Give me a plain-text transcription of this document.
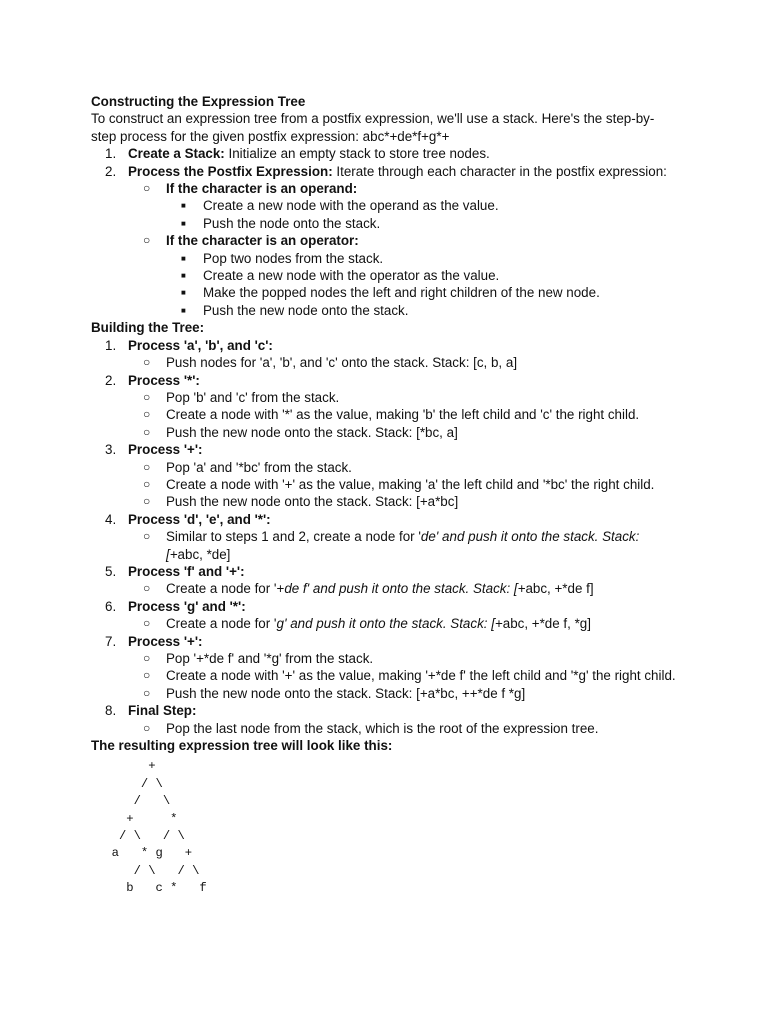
Constructing the Expression Tree
To construct an expression tree from a postfix expression, we'll use a stack. Here's the step-by-step process for the given postfix expression: abc*+de*f+g*+
1. Create a Stack: Initialize an empty stack to store tree nodes.
2. Process the Postfix Expression: Iterate through each character in the postfix expression:
○ If the character is an operand:
■ Create a new node with the operand as the value.
■ Push the node onto the stack.
○ If the character is an operator:
■ Pop two nodes from the stack.
■ Create a new node with the operator as the value.
■ Make the popped nodes the left and right children of the new node.
■ Push the new node onto the stack.
Building the Tree:
1. Process 'a', 'b', and 'c':
○ Push nodes for 'a', 'b', and 'c' onto the stack. Stack: [c, b, a]
2. Process '*':
○ Pop 'b' and 'c' from the stack.
○ Create a node with '*' as the value, making 'b' the left child and 'c' the right child.
○ Push the new node onto the stack. Stack: [*bc, a]
3. Process '+':
○ Pop 'a' and '*bc' from the stack.
○ Create a node with '+' as the value, making 'a' the left child and '*bc' the right child.
○ Push the new node onto the stack. Stack: [+a*bc]
4. Process 'd', 'e', and '*':
○ Similar to steps 1 and 2, create a node for 'de' and push it onto the stack. Stack:
[+abc, *de]
5. Process 'f' and '+':
○ Create a node for '+de f' and push it onto the stack. Stack: [+abc, +*de f]
6. Process 'g' and '*':
○ Create a node for 'g' and push it onto the stack. Stack: [+abc, +*de f, *g]
7. Process '+':
○ Pop '+*de f' and '*g' from the stack.
○ Create a node with '+' as the value, making '+*de f' the left child and '*g' the right child.
○ Push the new node onto the stack. Stack: [+a*bc, ++*de f *g]
8. Final Step:
○ Pop the last node from the stack, which is the root of the expression tree.
The resulting expression tree will look like this:
+
/ \
/   \
+     *
/ \   / \
a   * g   +
/ \   / \
b   c *   f
